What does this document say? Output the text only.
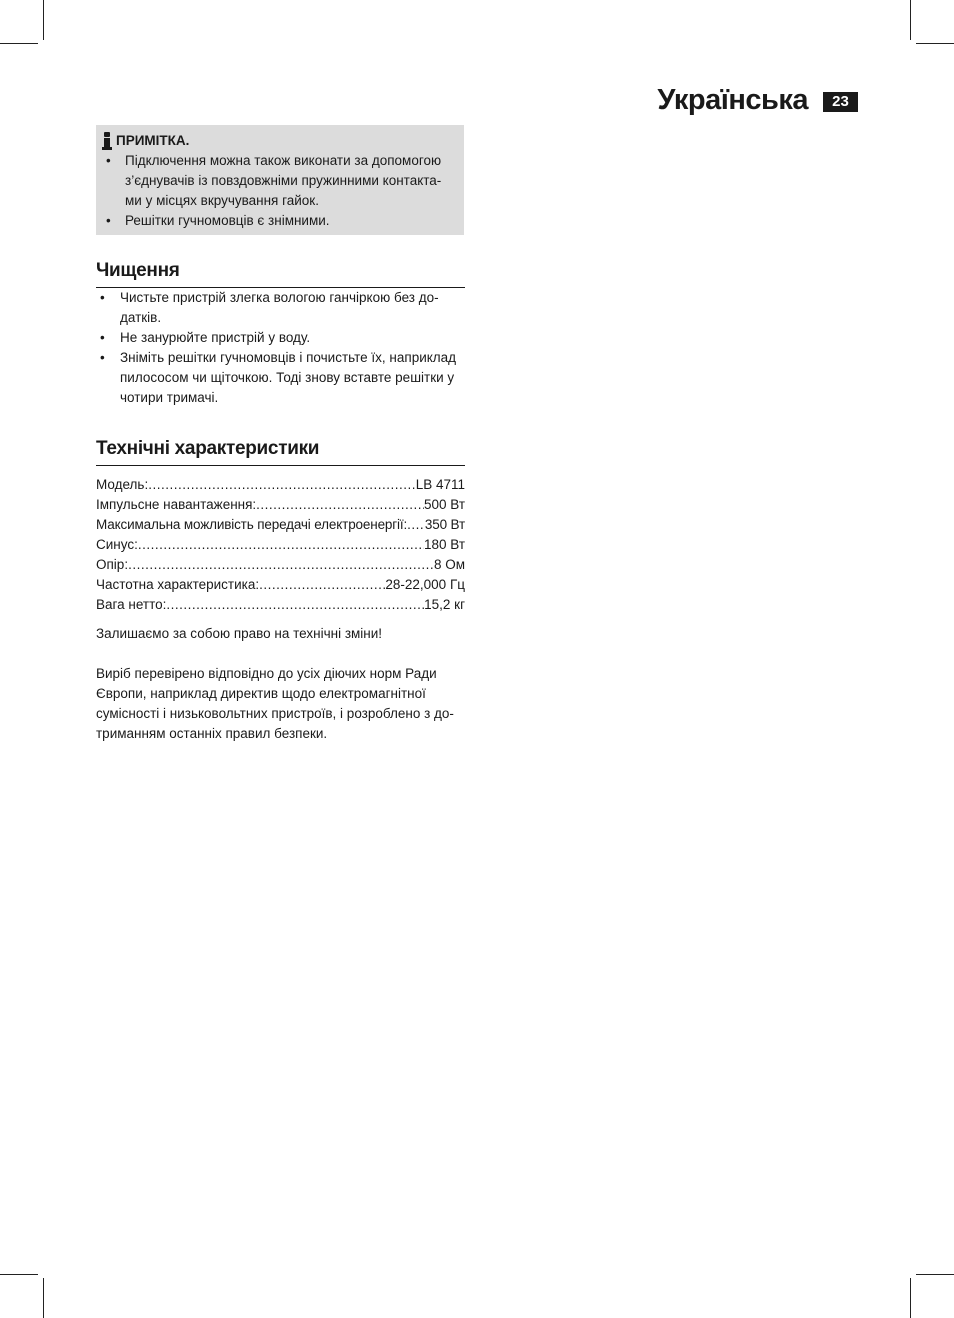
Українська	23
ПРИМІТКА.
• Підключення можна також виконати за допомогою з’єднувачів із повздовжніми пружинними контакта-ми у місцях вкручування гайок.
• Решітки гучномовців є знімними.
Чищення
• Чистьте пристрій злегка вологою ганчіркою без до-датків.
• Не занурюйте пристрій у воду.
• Зніміть решітки гучномовців і почистьте їх, наприклад пилососом чи щіточкою. Тоді знову вставте решітки у чотири тримачі.
Технічні характеристики
Модель: .....	LB 4711
Імпульсне навантаження: .....	500 Вт
Максимальна можливість передачі електроенергії: ..... 350 Вт
Синус: .....	180 Вт
Опір: .....	8 Ом
Частотна характеристика: .....	28-22,000 Гц
Вага нетто: .....	15,2 кг

Залишаємо за собою право на технічні зміни!

Виріб перевірено відповідно до усіх діючих норм Ради Європи, наприклад директив щодо електромагнітної сумісності і низьковольтних пристроїв, і розроблено з до-триманням останніх правил безпеки.
